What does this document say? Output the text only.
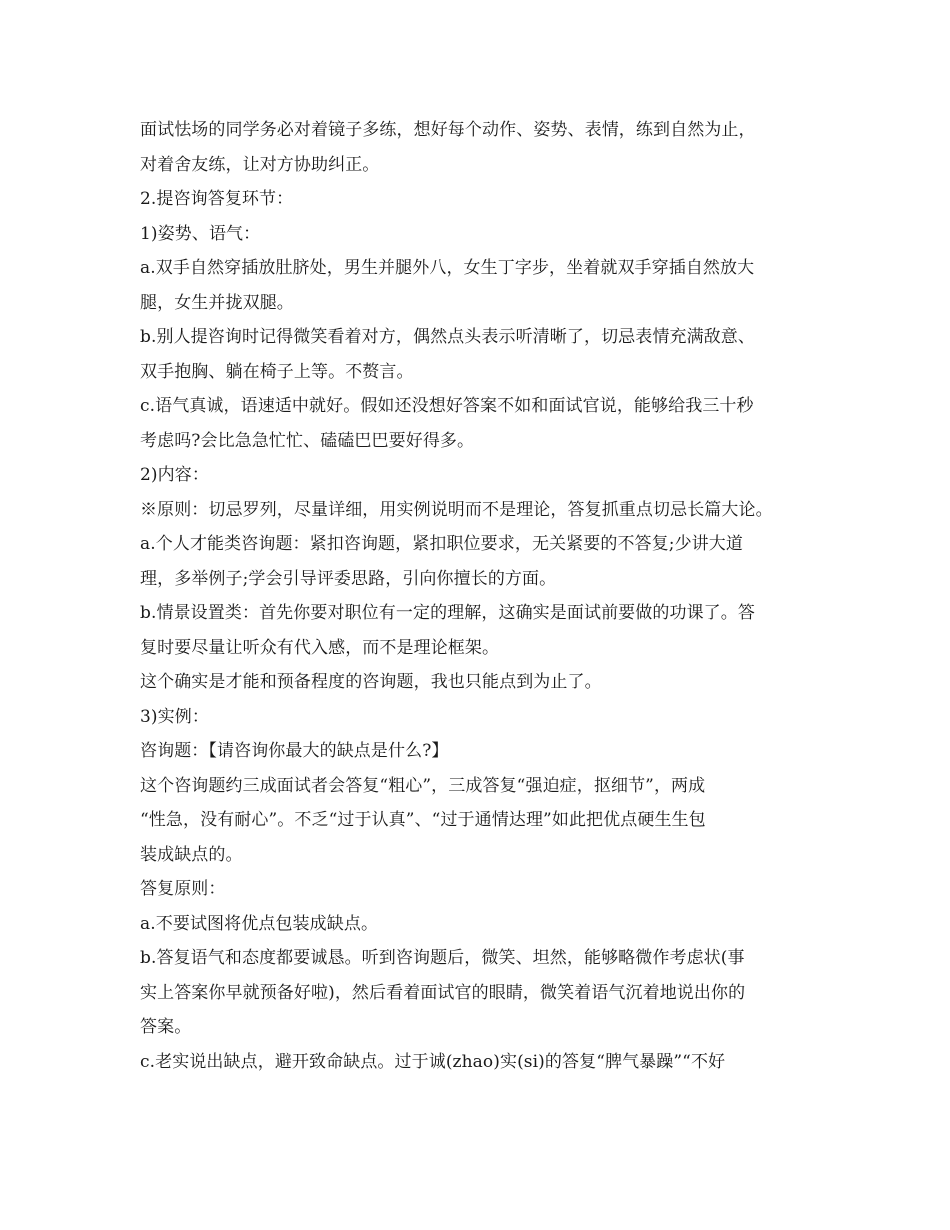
面试怯场的同学务必对着镜子多练，想好每个动作、姿势、表情，练到自然为止，
对着舍友练，让对方协助纠正。
2.提咨询答复环节：
1)姿势、语气：
a.双手自然穿插放肚脐处，男生并腿外八，女生丁字步，坐着就双手穿插自然放大
腿，女生并拢双腿。
b.别人提咨询时记得微笑看着对方，偶然点头表示听清晰了，切忌表情充满敌意、
双手抱胸、躺在椅子上等。不赘言。
c.语气真诚，语速适中就好。假如还没想好答案不如和面试官说，能够给我三十秒
考虑吗?会比急急忙忙、磕磕巴巴要好得多。
2)内容：
※原则：切忌罗列，尽量详细，用实例说明而不是理论，答复抓重点切忌长篇大论。
a.个人才能类咨询题：紧扣咨询题，紧扣职位要求，无关紧要的不答复;少讲大道
理，多举例子;学会引导评委思路，引向你擅长的方面。
b.情景设置类：首先你要对职位有一定的理解，这确实是面试前要做的功课了。答
复时要尽量让听众有代入感，而不是理论框架。
这个确实是才能和预备程度的咨询题，我也只能点到为止了。
3)实例：
咨询题：【请咨询你最大的缺点是什么?】
这个咨询题约三成面试者会答复“粗心”，三成答复“强迫症，抠细节”，两成
“性急，没有耐心”。不乏“过于认真”、“过于通情达理”如此把优点硬生生包
装成缺点的。
答复原则：
a.不要试图将优点包装成缺点。
b.答复语气和态度都要诚恳。听到咨询题后，微笑、坦然，能够略微作考虑状(事
实上答案你早就预备好啦)，然后看着面试官的眼睛，微笑着语气沉着地说出你的
答案。
c.老实说出缺点，避开致命缺点。过于诚(zhao)实(si)的答复“脾气暴躁”“不好
